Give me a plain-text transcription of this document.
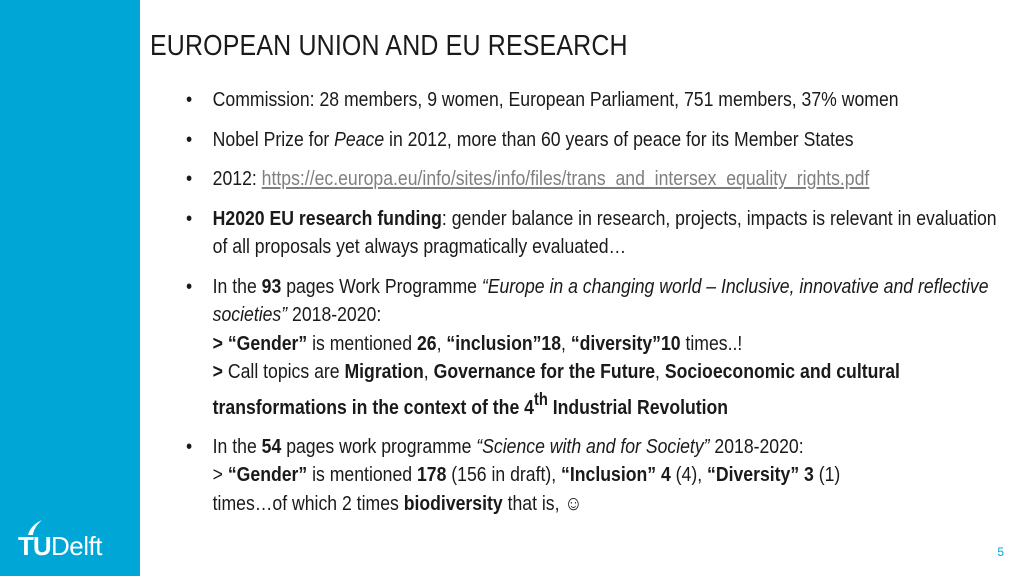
TU Delft
EUROPEAN UNION AND EU RESEARCH
• Commission: 28 members, 9 women, European Parliament, 751 members, 37% women
• Nobel Prize for Peace in 2012, more than 60 years of peace for its Member States
• 2012: https://ec.europa.eu/info/sites/info/files/trans_and_intersex_equality_rights.pdf
• H2020 EU research funding: gender balance in research, projects, impacts is relevant in evaluation of all proposals yet always pragmatically evaluated…
• In the 93 pages Work Programme “Europe in a changing world – Inclusive, innovative and reflective societies” 2018-2020:
> “Gender” is mentioned 26, “inclusion”18, “diversity”10 times..!
> Call topics are Migration, Governance for the Future, Socioeconomic and cultural transformations in the context of the 4th Industrial Revolution
• In the 54 pages work programme “Science with and for Society” 2018-2020:
> “Gender” is mentioned 178 (156 in draft), “Inclusion” 4 (4), “Diversity” 3 (1)
times…of which 2 times biodiversity that is, ☺
5
